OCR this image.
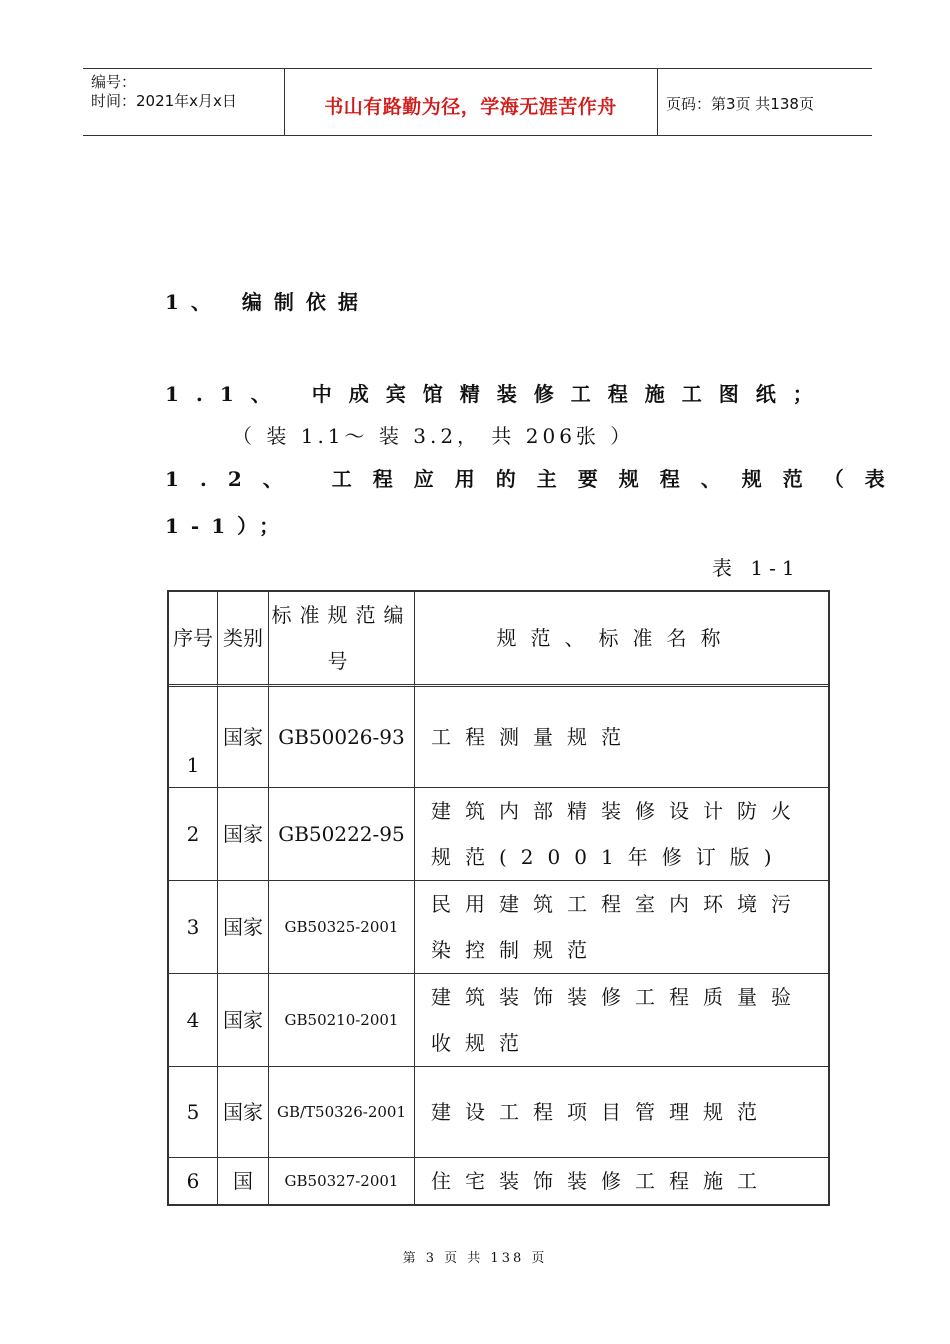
编号：
时间：2021年x月x日	书山有路勤为径，学海无涯苦作舟	页码：第3页 共138页
1、 编制依据
1.1、 中成宾馆精装修工程施工图纸；
（ 装 1.1～ 装 3.2， 共 206张 ）
1.2、 工程应用的主要规程、规范（表
1-1）；
表 1-1
序号	类别	标准规范编号	规范、标准名称
1	国家	GB50026-93	工程测量规范
2	国家	GB50222-95	建筑内部精装修设计防火规范(2001年修订版)
3	国家	GB50325-2001	民用建筑工程室内环境污染控制规范
4	国家	GB50210-2001	建筑装饰装修工程质量验收规范
5	国家	GB/T50326-2001	建设工程项目管理规范
6	国	GB50327-2001	住宅装饰装修工程施工
第 3 页 共 138 页
